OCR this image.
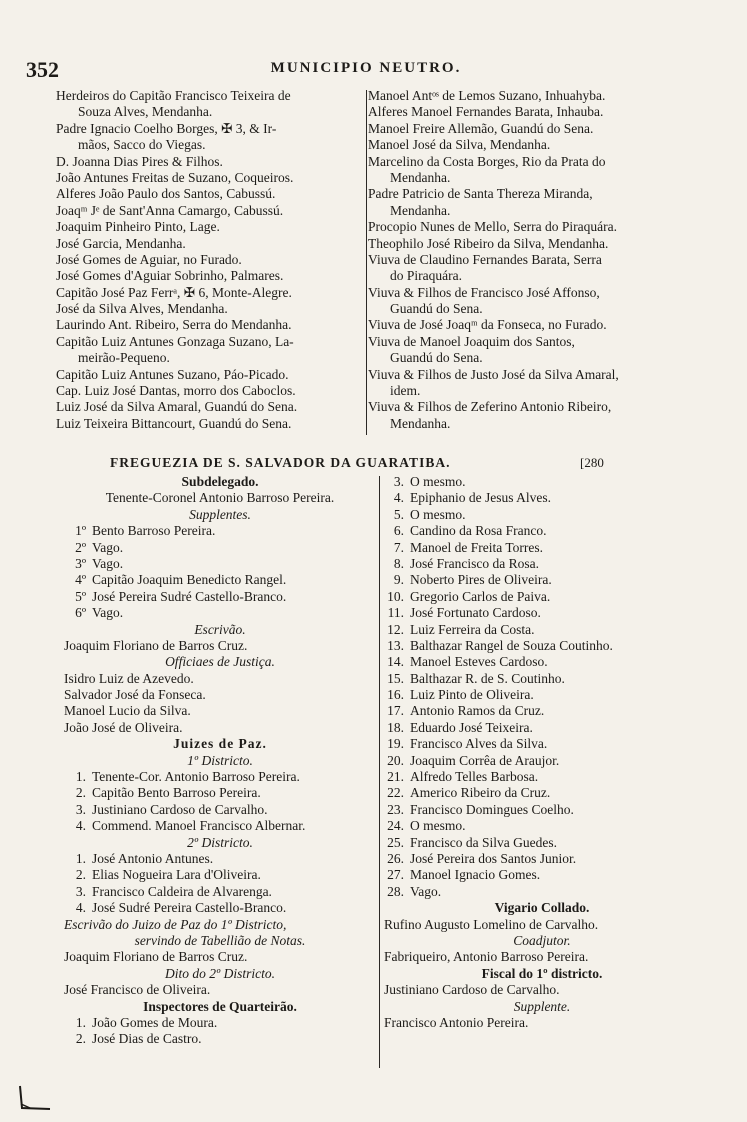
352	MUNICIPIO NEUTRO.
Herdeiros do Capitão Francisco Teixeira de
Souza Alves, Mendanha.
Padre Ignacio Coelho Borges, ✠ 3, & Ir-
mãos, Sacco do Viegas.
D. Joanna Dias Pires & Filhos.
João Antunes Freitas de Suzano, Coqueiros.
Alferes João Paulo dos Santos, Cabussú.
Joaqᵐ Jᵉ de Sant'Anna Camargo, Cabussú.
Joaquim Pinheiro Pinto, Lage.
José Garcia, Mendanha.
José Gomes de Aguiar, no Furado.
José Gomes d'Aguiar Sobrinho, Palmares.
Capitão José Paz Ferrᵃ, ✠ 6, Monte-Alegre.
José da Silva Alves, Mendanha.
Laurindo Ant. Ribeiro, Serra do Mendanha.
Capitão Luiz Antunes Gonzaga Suzano, La-
meirão-Pequeno.
Capitão Luiz Antunes Suzano, Páo-Picado.
Cap. Luiz José Dantas, morro dos Caboclos.
Luiz José da Silva Amaral, Guandú do Sena.
Luiz Teixeira Bittancourt, Guandú do Sena.
Manoel Antᵒˢ de Lemos Suzano, Inhuahyba.
Alferes Manoel Fernandes Barata, Inhauba.
Manoel Freire Allemão, Guandú do Sena.
Manoel José da Silva, Mendanha.
Marcelino da Costa Borges, Rio da Prata do
Mendanha.
Padre Patricio de Santa Thereza Miranda,
Mendanha.
Procopio Nunes de Mello, Serra do Piraquára.
Theophilo José Ribeiro da Silva, Mendanha.
Viuva de Claudino Fernandes Barata, Serra
do Piraquára.
Viuva & Filhos de Francisco José Affonso,
Guandú do Sena.
Viuva de José Joaqᵐ da Fonseca, no Furado.
Viuva de Manoel Joaquim dos Santos,
Guandú do Sena.
Viuva & Filhos de Justo José da Silva Amaral,
idem.
Viuva & Filhos de Zeferino Antonio Ribeiro,
Mendanha.
FREGUEZIA DE S. SALVADOR DA GUARATIBA.	[280
Subdelegado.
Tenente-Coronel Antonio Barroso Pereira.
Supplentes.
1º Bento Barroso Pereira.
2º Vago.
3º Vago.
4º Capitão Joaquim Benedicto Rangel.
5º José Pereira Sudré Castello-Branco.
6º Vago.
Escrivão.
Joaquim Floriano de Barros Cruz.
Officiaes de Justiça.
Isidro Luiz de Azevedo.
Salvador José da Fonseca.
Manoel Lucio da Silva.
João José de Oliveira.
Juizes de Paz.
1º Districto.
1. Tenente-Cor. Antonio Barroso Pereira.
2. Capitão Bento Barroso Pereira.
3. Justiniano Cardoso de Carvalho.
4. Commend. Manoel Francisco Albernar.
2º Districto.
1. José Antonio Antunes.
2. Elias Nogueira Lara d'Oliveira.
3. Francisco Caldeira de Alvarenga.
4. José Sudré Pereira Castello-Branco.
Escrivão do Juizo de Paz do 1º Districto,
servindo de Tabellião de Notas.
Joaquim Floriano de Barros Cruz.
Dito do 2º Districto.
José Francisco de Oliveira.
Inspectores de Quarteirão.
1. João Gomes de Moura.
2. José Dias de Castro.
3. O mesmo.
4. Epiphanio de Jesus Alves.
5. O mesmo.
6. Candino da Rosa Franco.
7. Manoel de Freita Torres.
8. José Francisco da Rosa.
9. Noberto Pires de Oliveira.
10. Gregorio Carlos de Paiva.
11. José Fortunato Cardoso.
12. Luiz Ferreira da Costa.
13. Balthazar Rangel de Souza Coutinho.
14. Manoel Esteves Cardoso.
15. Balthazar R. de S. Coutinho.
16. Luiz Pinto de Oliveira.
17. Antonio Ramos da Cruz.
18. Eduardo José Teixeira.
19. Francisco Alves da Silva.
20. Joaquim Corrêa de Araujor.
21. Alfredo Telles Barbosa.
22. Americo Ribeiro da Cruz.
23. Francisco Domingues Coelho.
24. O mesmo.
25. Francisco da Silva Guedes.
26. José Pereira dos Santos Junior.
27. Manoel Ignacio Gomes.
28. Vago.
Vigario Collado.
Rufino Augusto Lomelino de Carvalho.
Coadjutor.
Fabriqueiro, Antonio Barroso Pereira.
Fiscal do 1º districto.
Justiniano Cardoso de Carvalho.
Supplente.
Francisco Antonio Pereira.
